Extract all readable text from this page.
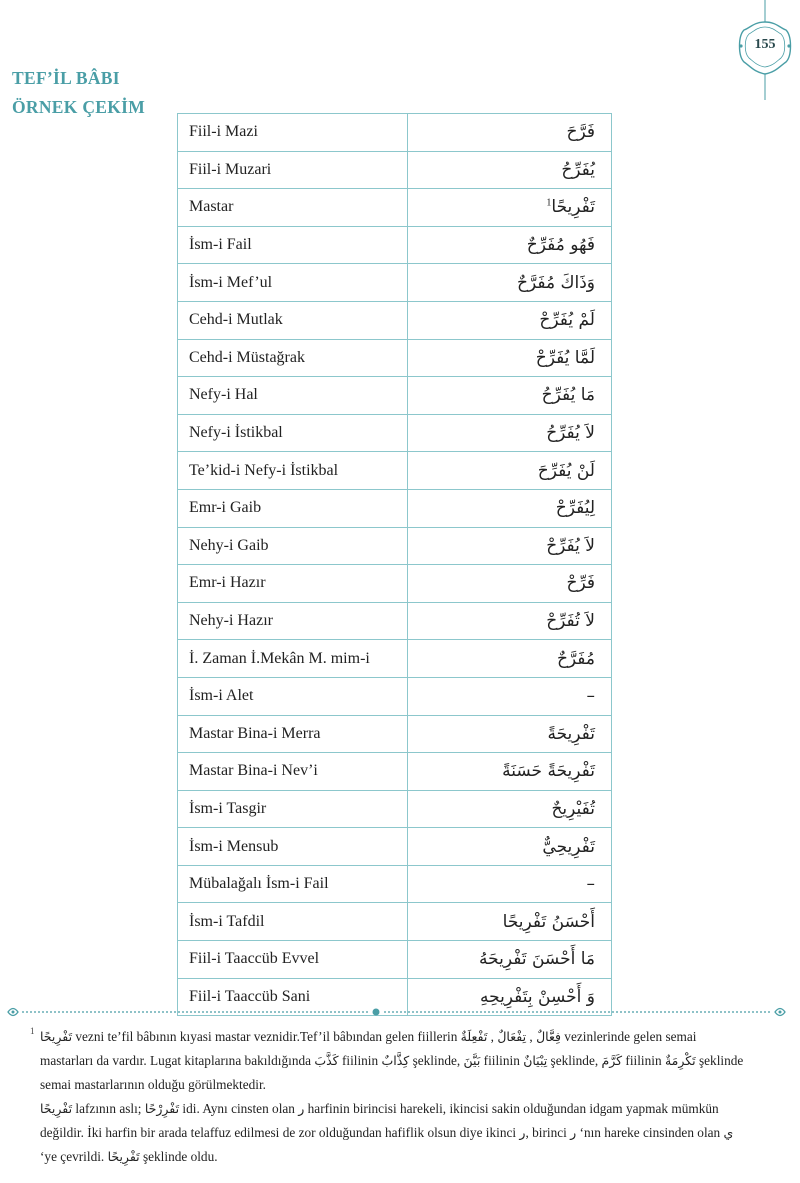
155
TEF’İL BÂBI
ÖRNEK ÇEKİM
Fiil-i Mazi	فَرَّحَ
Fiil-i Muzari	يُفَرِّحُ
Mastar	تَفْرِيحًا$^1$
İsm-i Fail	فَهُو مُفَرِّحٌ
İsm-i Mef’ul	وَذَاكَ مُفَرَّحٌ
Cehd-i Mutlak	لَمْ يُفَرِّحْ
Cehd-i Müstağrak	لَمَّا يُفَرِّحْ
Nefy-i Hal	مَا يُفَرِّحُ
Nefy-i İstikbal	لاَ يُفَرِّحُ
Te’kid-i Nefy-i İstikbal	لَنْ يُفَرِّحَ
Emr-i Gaib	لِيُفَرِّحْ
Nehy-i Gaib	لاَ يُفَرِّحْ
Emr-i Hazır	فَرِّحْ
Nehy-i Hazır	لاَ تُفَرِّحْ
İ. Zaman İ.Mekân M. mim-i	مُفَرَّحٌ
İsm-i Alet	–
Mastar Bina-i Merra	تَفْرِيحَةً
Mastar Bina-i Nev’i	تَفْرِيحَةً حَسَنَةً
İsm-i Tasgir	تُفَيْرِيحٌ
İsm-i Mensub	تَفْرِيحِيٌّ
Mübalağalı İsm-i Fail	–
İsm-i Tafdil	أَحْسَنُ تَفْرِيحًا
Fiil-i Taaccüb Evvel	مَا أَحْسَنَ تَفْرِيحَهُ
Fiil-i Taaccüb Sani	وَ أَحْسِنْ بِتَفْرِيحِهِ
1 تَفْرِيحًا vezni te’fil bâbının kıyasi mastar veznidir.Tef’il bâbından gelen fiillerin تَفْعِلَةٌ , تِفْعَالٌ , فِعَّالٌ vezinlerinde gelen semai mastarları da vardır. Lugat kitaplarına bakıldığında كَذَّبَ fiilinin كِذَّابٌ şeklinde, بَيَّنَ fiilinin تِبْيَانٌ şeklinde, كَرَّمَ fiilinin تَكْرِمَةٌ şeklinde semai mastarlarının olduğu görülmektedir.

تَفْرِيحًا lafzının aslı; تَفْرِرْحًا idi. Aynı cinsten olan ر harfinin birincisi harekeli, ikincisi sakin olduğundan idgam yapmak mümkün değildir. İki harfin bir arada telaffuz edilmesi de zor olduğundan hafiflik olsun diye ikinci ر, birinci ر ‘nın hareke cinsinden olan ي ‘ye çevrildi. تَفْرِيحًا şeklinde oldu.
